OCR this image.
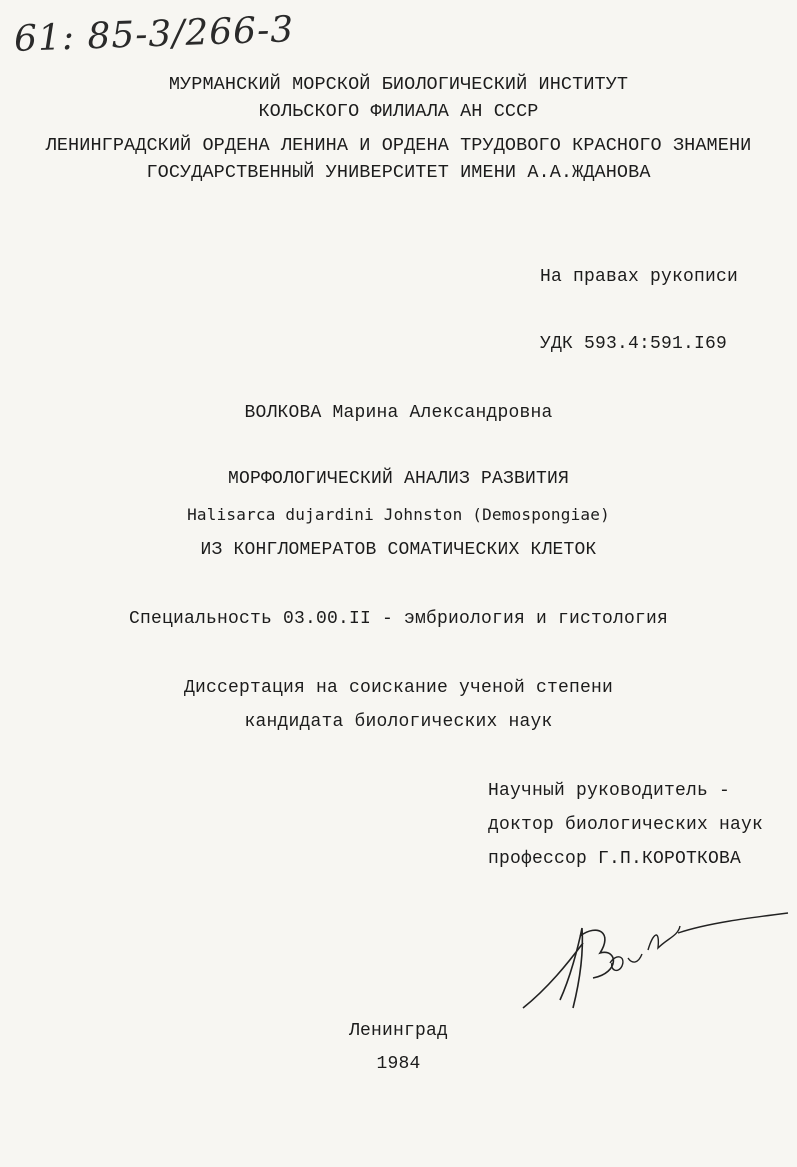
61: 85-3/266-3
МУРМАНСКИЙ МОРСКОЙ БИОЛОГИЧЕСКИЙ ИНСТИТУТ
КОЛЬСКОГО ФИЛИАЛА АН СССР
ЛЕНИНГРАДСКИЙ ОРДЕНА ЛЕНИНА И ОРДЕНА ТРУДОВОГО КРАСНОГО ЗНАМЕНИ
ГОСУДАРСТВЕННЫЙ УНИВЕРСИТЕТ ИМЕНИ А.А.ЖДАНОВА
На правах рукописи
УДК 593.4:591.I69
ВОЛКОВА Марина Александровна
МОРФОЛОГИЧЕСКИЙ АНАЛИЗ РАЗВИТИЯ
Halisarca dujardini Johnston (Demospongiae)
ИЗ КОНГЛОМЕРАТОВ СОМАТИЧЕСКИХ КЛЕТОК
Специальность 03.00.II - эмбриология и гистология
Диссертация на соискание ученой степени
кандидата биологических наук
Научный руководитель -
доктор биологических наук
профессор Г.П.КОРОТКОВА
Ленинград
1984
